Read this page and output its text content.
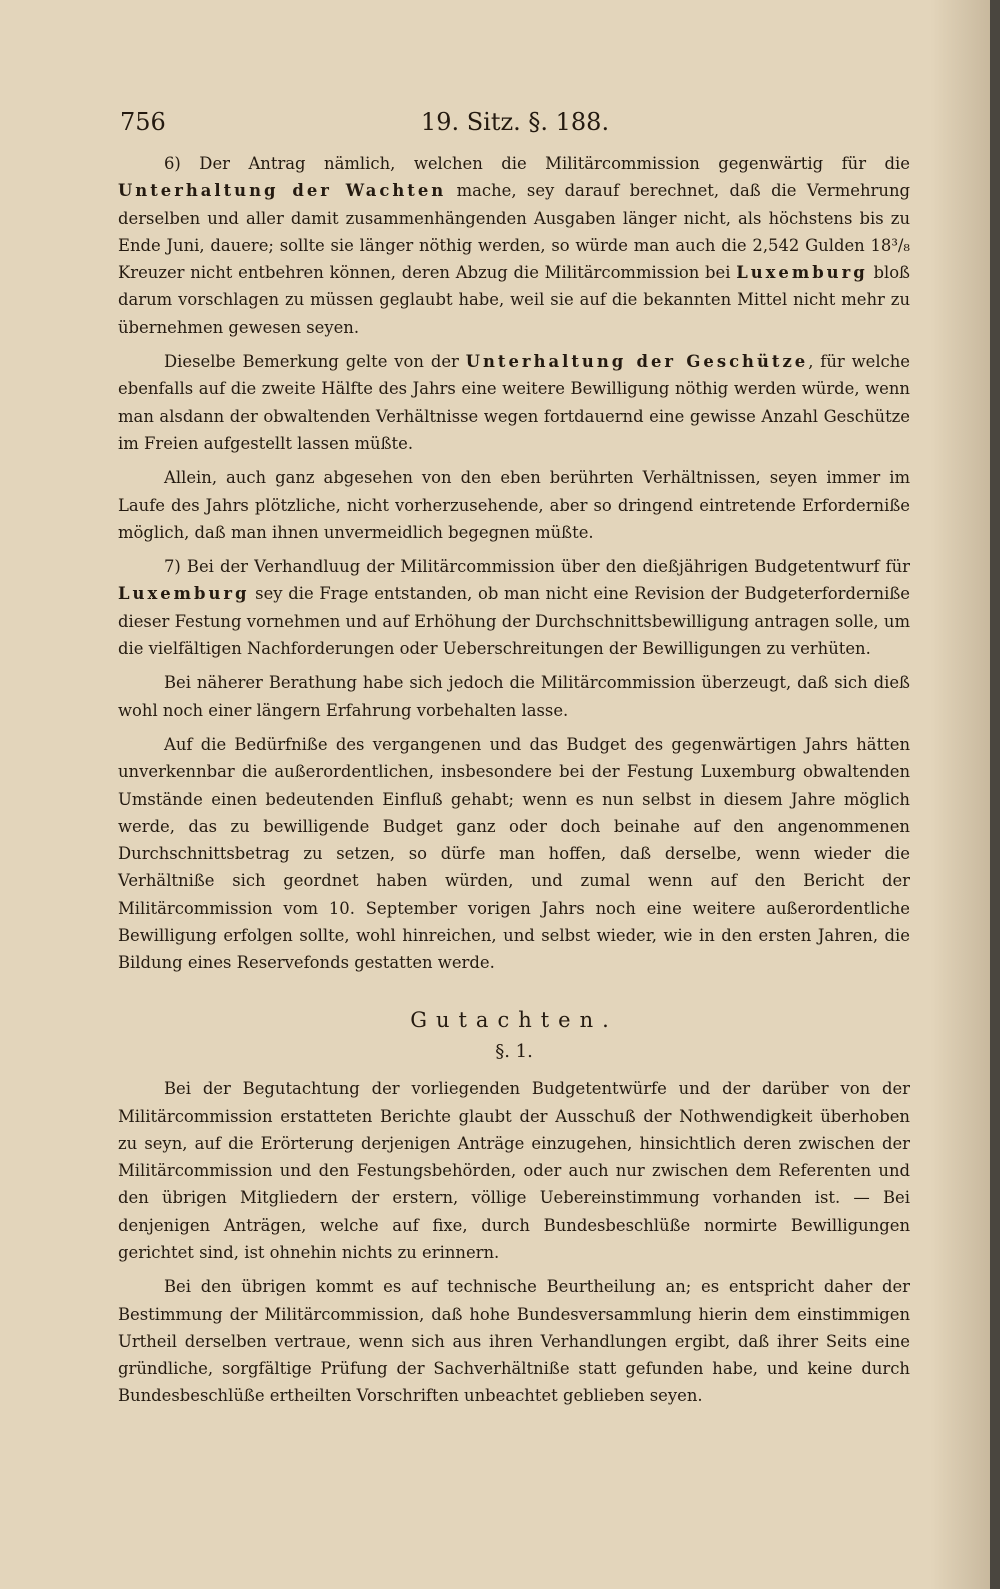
756	19. Sitz. §. 188.

6) Der Antrag nämlich, welchen die Militärcommission gegenwärtig für die Unterhaltung der Wachten mache, sey darauf berechnet, daß die Vermehrung derselben und aller damit zusammenhängenden Ausgaben länger nicht, als höchstens bis zu Ende Juni, dauere; sollte sie länger nöthig werden, so würde man auch die 2,542 Gulden 18³/₈ Kreuzer nicht entbehren können, deren Abzug die Militärcommission bei Luxemburg bloß darum vorschlagen zu müssen geglaubt habe, weil sie auf die bekannten Mittel nicht mehr zu übernehmen gewesen seyen.

Dieselbe Bemerkung gelte von der Unterhaltung der Geschütze, für welche ebenfalls auf die zweite Hälfte des Jahrs eine weitere Bewilligung nöthig werden würde, wenn man alsdann der obwaltenden Verhältnisse wegen fortdauernd eine gewisse Anzahl Geschütze im Freien aufgestellt lassen müßte.

Allein, auch ganz abgesehen von den eben berührten Verhältnissen, seyen immer im Laufe des Jahrs plötzliche, nicht vorherzusehende, aber so dringend eintretende Erforderniße möglich, daß man ihnen unvermeidlich begegnen müßte.

7) Bei der Verhandluug der Militärcommission über den dießjährigen Budgetentwurf für Luxemburg sey die Frage entstanden, ob man nicht eine Revision der Budgeterforderniße dieser Festung vornehmen und auf Erhöhung der Durchschnittsbewilligung antragen solle, um die vielfältigen Nachforderungen oder Ueberschreitungen der Bewilligungen zu verhüten.

Bei näherer Berathung habe sich jedoch die Militärcommission überzeugt, daß sich dieß wohl noch einer längern Erfahrung vorbehalten lasse.

Auf die Bedürfniße des vergangenen und das Budget des gegenwärtigen Jahrs hätten unverkennbar die außerordentlichen, insbesondere bei der Festung Luxemburg obwaltenden Umstände einen bedeutenden Einfluß gehabt; wenn es nun selbst in diesem Jahre möglich werde, das zu bewilligende Budget ganz oder doch beinahe auf den angenommenen Durchschnittsbetrag zu setzen, so dürfe man hoffen, daß derselbe, wenn wieder die Verhältniße sich geordnet haben würden, und zumal wenn auf den Bericht der Militärcommission vom 10. September vorigen Jahrs noch eine weitere außerordentliche Bewilligung erfolgen sollte, wohl hinreichen, und selbst wieder, wie in den ersten Jahren, die Bildung eines Reservefonds gestatten werde.

Gutachten.
§. 1.

Bei der Begutachtung der vorliegenden Budgetentwürfe und der darüber von der Militärcommission erstatteten Berichte glaubt der Ausschuß der Nothwendigkeit überhoben zu seyn, auf die Erörterung derjenigen Anträge einzugehen, hinsichtlich deren zwischen der Militärcommission und den Festungsbehörden, oder auch nur zwischen dem Referenten und den übrigen Mitgliedern der erstern, völlige Uebereinstimmung vorhanden ist. — Bei denjenigen Anträgen, welche auf fixe, durch Bundesbeschlüße normirte Bewilligungen gerichtet sind, ist ohnehin nichts zu erinnern.

Bei den übrigen kommt es auf technische Beurtheilung an; es entspricht daher der Bestimmung der Militärcommission, daß hohe Bundesversammlung hierin dem einstimmigen Urtheil derselben vertraue, wenn sich aus ihren Verhandlungen ergibt, daß ihrer Seits eine gründliche, sorgfältige Prüfung der Sachverhältniße statt gefunden habe, und keine durch Bundesbeschlüße ertheilten Vorschriften unbeachtet geblieben seyen.
